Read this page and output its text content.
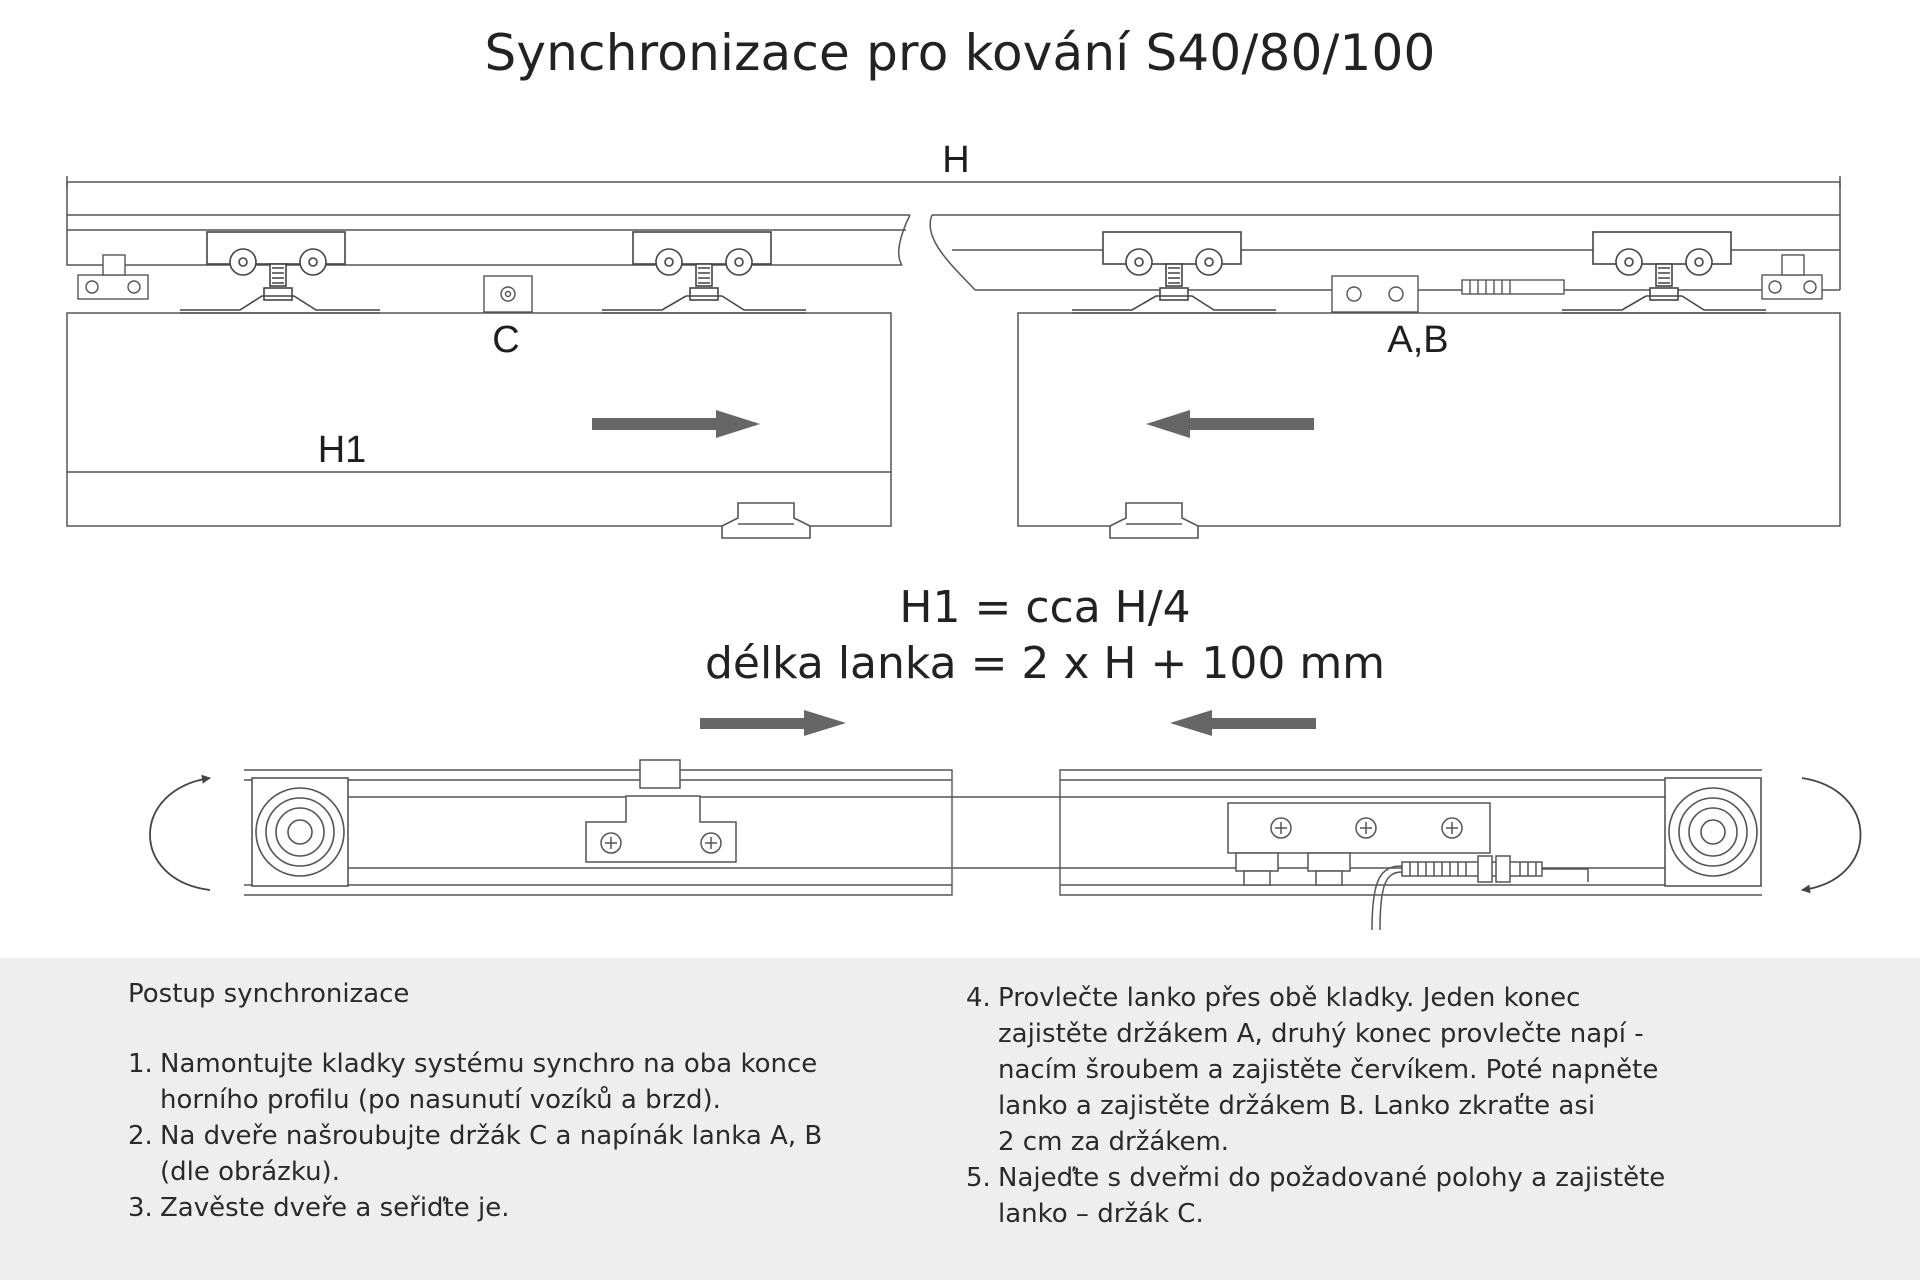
Synchronizace pro kování S40/80/100
H
C	A,B
H1
H1 = cca H/4
délka lanka = 2 x H + 100 mm
Postup synchronizace
1. Namontujte kladky systému synchro na oba konce
horního profilu (po nasunutí vozíků a brzd).
2. Na dveře našroubujte držák C a napínák lanka A, B
(dle obrázku).
3. Zavěste dveře a seřiďte je.
4. Provlečte lanko přes obě kladky. Jeden konec
zajistěte držákem A, druhý konec provlečte napí -
nacím šroubem a zajistěte červíkem. Poté napněte
lanko a zajistěte držákem B. Lanko zkraťte asi
2 cm za držákem.
5. Najeďte s dveřmi do požadované polohy a zajistěte
lanko – držák C.
